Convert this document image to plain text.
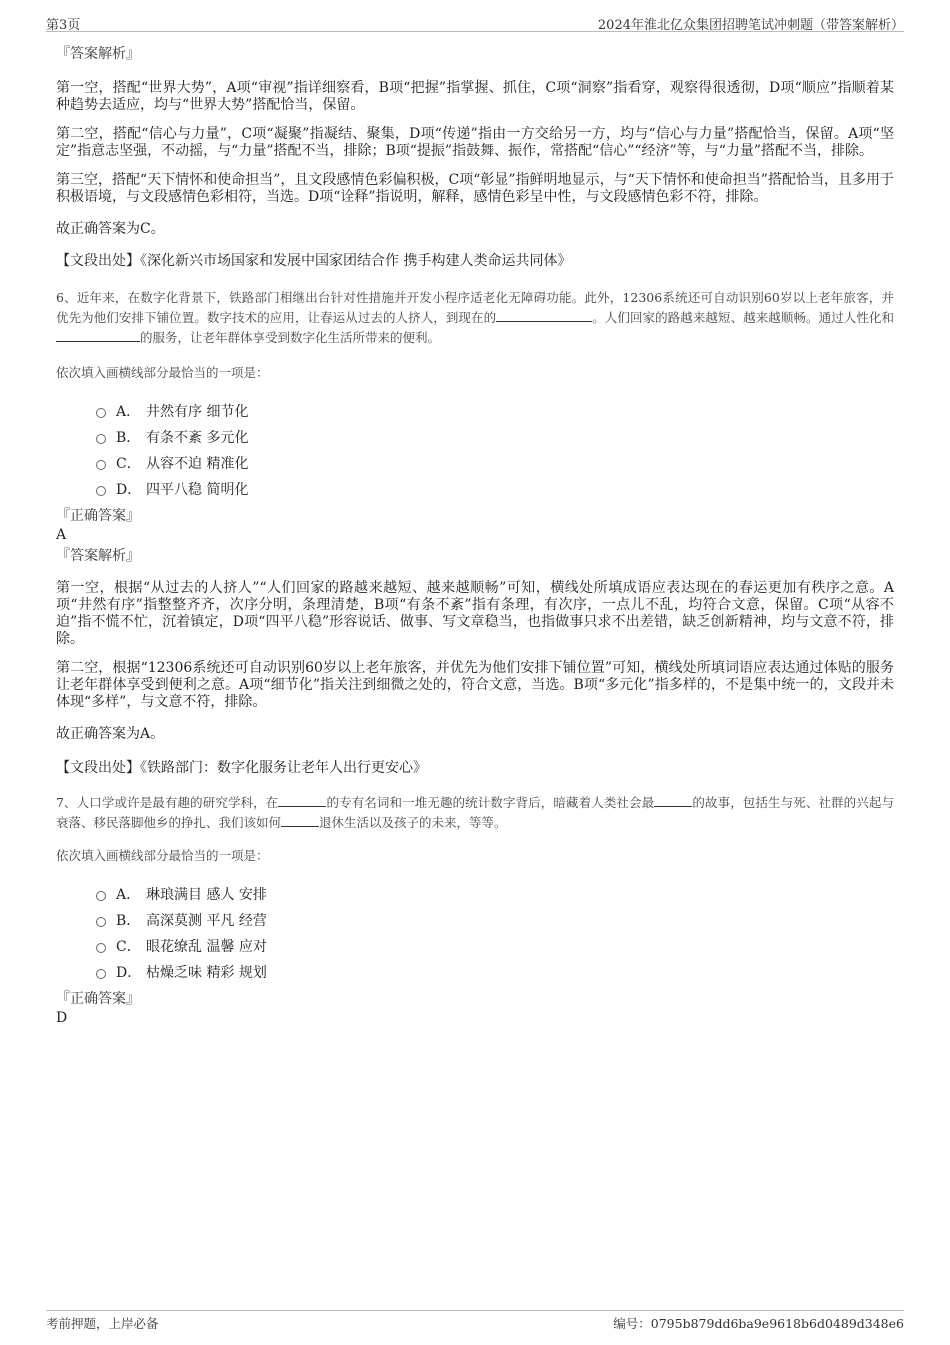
第3页	2024年淮北亿众集团招聘笔试冲刺题（带答案解析）
『答案解析』
第一空，搭配“世界大势”，A项“审视”指详细察看，B项“把握”指掌握、抓住，C项“洞察”指看穿，观察得很透彻，D项“顺应”指顺着某种趋势去适应，均与“世界大势”搭配恰当，保留。
第二空，搭配“信心与力量”，C项“凝聚”指凝结、聚集，D项“传递”指由一方交给另一方，均与“信心与力量”搭配恰当，保留。A项“坚定”指意志坚强，不动摇，与“力量”搭配不当，排除；B项“提振”指鼓舞、振作，常搭配“信心”“经济”等，与“力量”搭配不当，排除。
第三空，搭配“天下情怀和使命担当”，且文段感情色彩偏积极，C项“彰显”指鲜明地显示，与“天下情怀和使命担当”搭配恰当，且多用于积极语境，与文段感情色彩相符，当选。D项“诠释”指说明，解释，感情色彩呈中性，与文段感情色彩不符，排除。
故正确答案为C。
【文段出处】《深化新兴市场国家和发展中国家团结合作 携手构建人类命运共同体》
6、近年来，在数字化背景下，铁路部门相继出台针对性措施并开发小程序适老化无障碍功能。此外，12306系统还可自动识别60岁以上老年旅客，并优先为他们安排下铺位置。数字技术的应用，让春运从过去的人挤人，到现在的	。人们回家的路越来越短、越来越顺畅。通过人性化和的服务，让老年群体享受到数字化生活所带来的便利。
依次填入画横线部分最恰当的一项是：
A． 井然有序 细节化
B． 有条不紊 多元化
C． 从容不迫 精准化
D． 四平八稳 简明化
『正确答案』
A
『答案解析』
第一空，根据“从过去的人挤人”“人们回家的路越来越短、越来越顺畅”可知，横线处所填成语应表达现在的春运更加有秩序之意。A项“井然有序”指整整齐齐，次序分明，条理清楚，B项“有条不紊”指有条理，有次序，一点儿不乱，均符合文意，保留。C项“从容不迫”指不慌不忙，沉着镇定，D项“四平八稳”形容说话、做事、写文章稳当，也指做事只求不出差错，缺乏创新精神，均与文意不符，排除。
第二空，根据“12306系统还可自动识别60岁以上老年旅客，并优先为他们安排下铺位置”可知，横线处所填词语应表达通过体贴的服务让老年群体享受到便利之意。A项“细节化”指关注到细微之处的，符合文意，当选。B项“多元化”指多样的，不是集中统一的，文段并未体现“多样”，与文意不符，排除。
故正确答案为A。
【文段出处】《铁路部门：数字化服务让老年人出行更安心》
7、人口学或许是最有趣的研究学科，在	的专有名词和一堆无趣的统计数字背后，暗藏着人类社会最	的故事，包括生与死、社群的兴起与衰落、移民落脚他乡的挣扎、我们该如何	退休生活以及孩子的未来，等等。
依次填入画横线部分最恰当的一项是：
A． 琳琅满目 感人 安排
B． 高深莫测 平凡 经营
C． 眼花缭乱 温馨 应对
D． 枯燥乏味 精彩 规划
『正确答案』
D
考前押题，上岸必备	编号：0795b879dd6ba9e9618b6d0489d348e6
